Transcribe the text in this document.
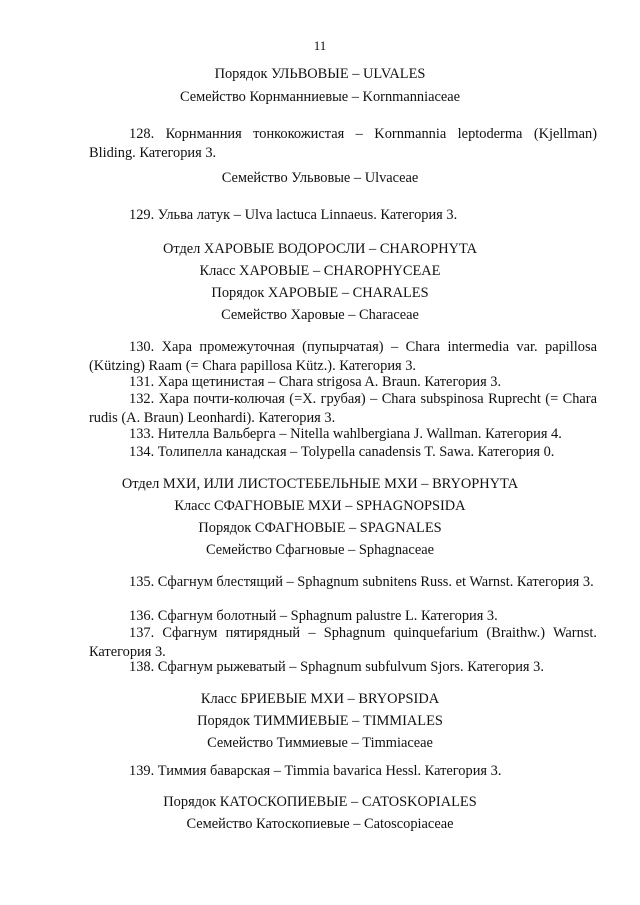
11
Порядок УЛЬВОВЫЕ – ULVALES
Семейство Корнманниевые – Kornmanniaceae
128. Корнманния тонкокожистая – Kornmannia leptoderma (Kjellman) Bliding. Категория 3.
Семейство Ульвовые – Ulvaceae
129. Ульва латук – Ulva lactuca Linnaeus. Категория 3.
Отдел ХАРОВЫЕ ВОДОРОСЛИ – CHAROPHYTA
Класс ХАРОВЫЕ – CHAROPHYCEAE
Порядок ХАРОВЫЕ – CHARALES
Семейство Харовые – Characeae
130. Хара промежуточная (пупырчатая) – Chara intermedia var. papillosa (Kützing) Raam (= Chara papillosa Kütz.). Категория 3.
131. Хара щетинистая – Chara strigosa A. Braun. Категория 3.
132. Хара почти-колючая (=Х. грубая) – Chara subspinosa Ruprecht (= Chara rudis (A. Braun) Leonhardi). Категория 3.
133. Нителла Вальберга – Nitella wahlbergiana J. Wallman. Категория 4.
134. Толипелла канадская – Tolypella canadensis T. Sawa. Категория 0.
Отдел МХИ, ИЛИ ЛИСТОСТЕБЕЛЬНЫЕ МХИ – BRYOPHYTA
Класс СФАГНОВЫЕ МХИ – SPHAGNOPSIDA
Порядок СФАГНОВЫЕ – SPAGNALES
Семейство Сфагновые – Sphagnaceae
135. Сфагнум блестящий – Sphagnum subnitens Russ. et Warnst. Категория 3.
136. Сфагнум болотный – Sphagnum palustre L. Категория 3.
137. Сфагнум пятирядный – Sphagnum quinquefarium (Braithw.) Warnst. Категория 3.
138. Сфагнум рыжеватый – Sphagnum subfulvum Sjors. Категория 3.
Класс БРИЕВЫЕ МХИ – BRYOPSIDA
Порядок ТИММИЕВЫЕ – TIMMIALES
Семейство Тиммиевые – Timmiaceae
139. Тиммия баварская – Timmia bavarica Hessl. Категория 3.
Порядок КАТОСКОПИЕВЫЕ – CATOSKOPIALES
Семейство Катоскопиевые – Catoscopiaceae
